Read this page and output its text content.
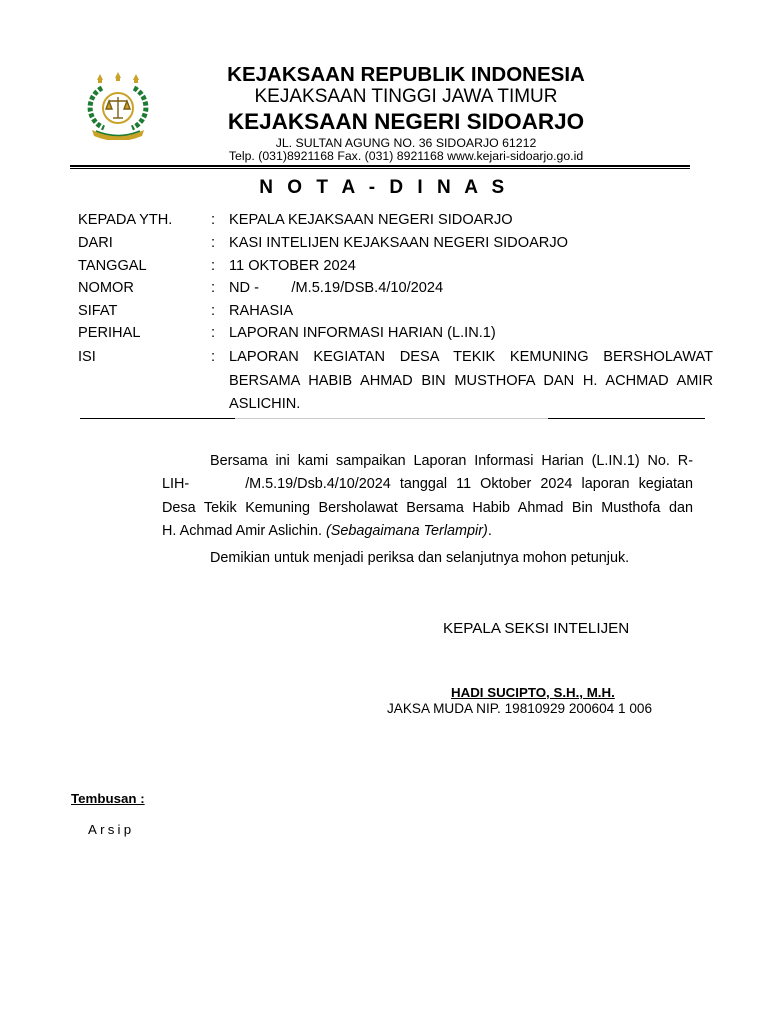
KEJAKSAAN REPUBLIK INDONESIA
KEJAKSAAN TINGGI JAWA TIMUR
KEJAKSAAN NEGERI SIDOARJO
JL. SULTAN AGUNG NO. 36 SIDOARJO 61212
Telp. (031)8921168 Fax. (031) 8921168 www.kejari-sidoarjo.go.id
N O T A - D I N A S
KEPADA YTH.	: KEPALA KEJAKSAAN NEGERI SIDOARJO
DARI	: KASI INTELIJEN KEJAKSAAN NEGERI SIDOARJO
TANGGAL	: 11 OKTOBER 2024
NOMOR	: ND -        /M.5.19/DSB.4/10/2024
SIFAT	: RAHASIA
PERIHAL	: LAPORAN INFORMASI HARIAN (L.IN.1)
ISI	: LAPORAN KEGIATAN DESA TEKIK KEMUNING BERSHOLAWAT
BERSAMA HABIB AHMAD BIN MUSTHOFA DAN H. ACHMAD AMIR
ASLICHIN.
Bersama ini kami sampaikan Laporan Informasi Harian (L.IN.1) No. R-
LIH-	/M.5.19/Dsb.4/10/2024 tanggal 11 Oktober 2024 laporan kegiatan
Desa Tekik Kemuning Bersholawat Bersama Habib Ahmad Bin Musthofa dan
H. Achmad Amir Aslichin. (Sebagaimana Terlampir).
Demikian untuk menjadi periksa dan selanjutnya mohon petunjuk.
KEPALA SEKSI INTELIJEN
HADI SUCIPTO, S.H., M.H.
JAKSA MUDA NIP. 19810929 200604 1 006
Tembusan :
Arsip
